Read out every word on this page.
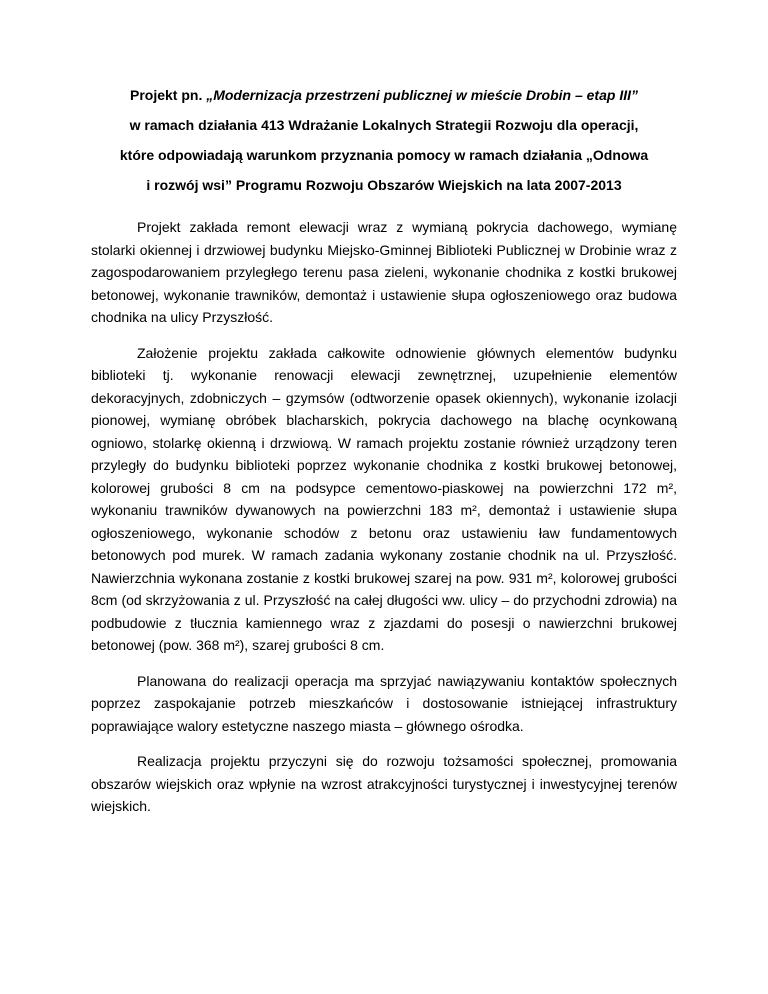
Projekt pn. „Modernizacja przestrzeni publicznej w mieście Drobin – etap III”
w ramach działania 413 Wdrażanie Lokalnych Strategii Rozwoju dla operacji,
które odpowiadają warunkom przyznania pomocy w ramach działania „Odnowa
i rozwój wsi” Programu Rozwoju Obszarów Wiejskich na lata 2007-2013

Projekt zakłada remont elewacji wraz z wymianą pokrycia dachowego, wymianę stolarki okiennej i drzwiowej budynku Miejsko-Gminnej Biblioteki Publicznej w Drobinie wraz z zagospodarowaniem przyległego terenu pasa zieleni, wykonanie chodnika z kostki brukowej betonowej, wykonanie trawników, demontaż i ustawienie słupa ogłoszeniowego oraz budowa chodnika na ulicy Przyszłość.

Założenie projektu zakłada całkowite odnowienie głównych elementów budynku biblioteki tj. wykonanie renowacji elewacji zewnętrznej, uzupełnienie elementów dekoracyjnych, zdobniczych – gzymsów (odtworzenie opasek okiennych), wykonanie izolacji pionowej, wymianę obróbek blacharskich, pokrycia dachowego na blachę ocynkowaną ogniowo, stolarkę okienną i drzwiową. W ramach projektu zostanie również urządzony teren przyległy do budynku biblioteki poprzez wykonanie chodnika z kostki brukowej betonowej, kolorowej grubości 8 cm na podsypce cementowo-piaskowej na powierzchni 172 m², wykonaniu trawników dywanowych na powierzchni 183 m², demontaż i ustawienie słupa ogłoszeniowego, wykonanie schodów z betonu oraz ustawieniu ław fundamentowych betonowych pod murek. W ramach zadania wykonany zostanie chodnik na ul. Przyszłość. Nawierzchnia wykonana zostanie z kostki brukowej szarej na pow. 931 m², kolorowej grubości 8cm (od skrzyżowania z ul. Przyszłość na całej długości ww. ulicy – do przychodni zdrowia) na podbudowie z tłucznia kamiennego wraz z zjazdami do posesji o nawierzchni brukowej betonowej (pow. 368 m²), szarej grubości 8 cm.

Planowana do realizacji operacja ma sprzyjać nawiązywaniu kontaktów społecznych poprzez zaspokajanie potrzeb mieszkańców i dostosowanie istniejącej infrastruktury poprawiające walory estetyczne naszego miasta – głównego ośrodka.

Realizacja projektu przyczyni się do rozwoju tożsamości społecznej, promowania obszarów wiejskich oraz wpłynie na wzrost atrakcyjności turystycznej i inwestycyjnej terenów wiejskich.
